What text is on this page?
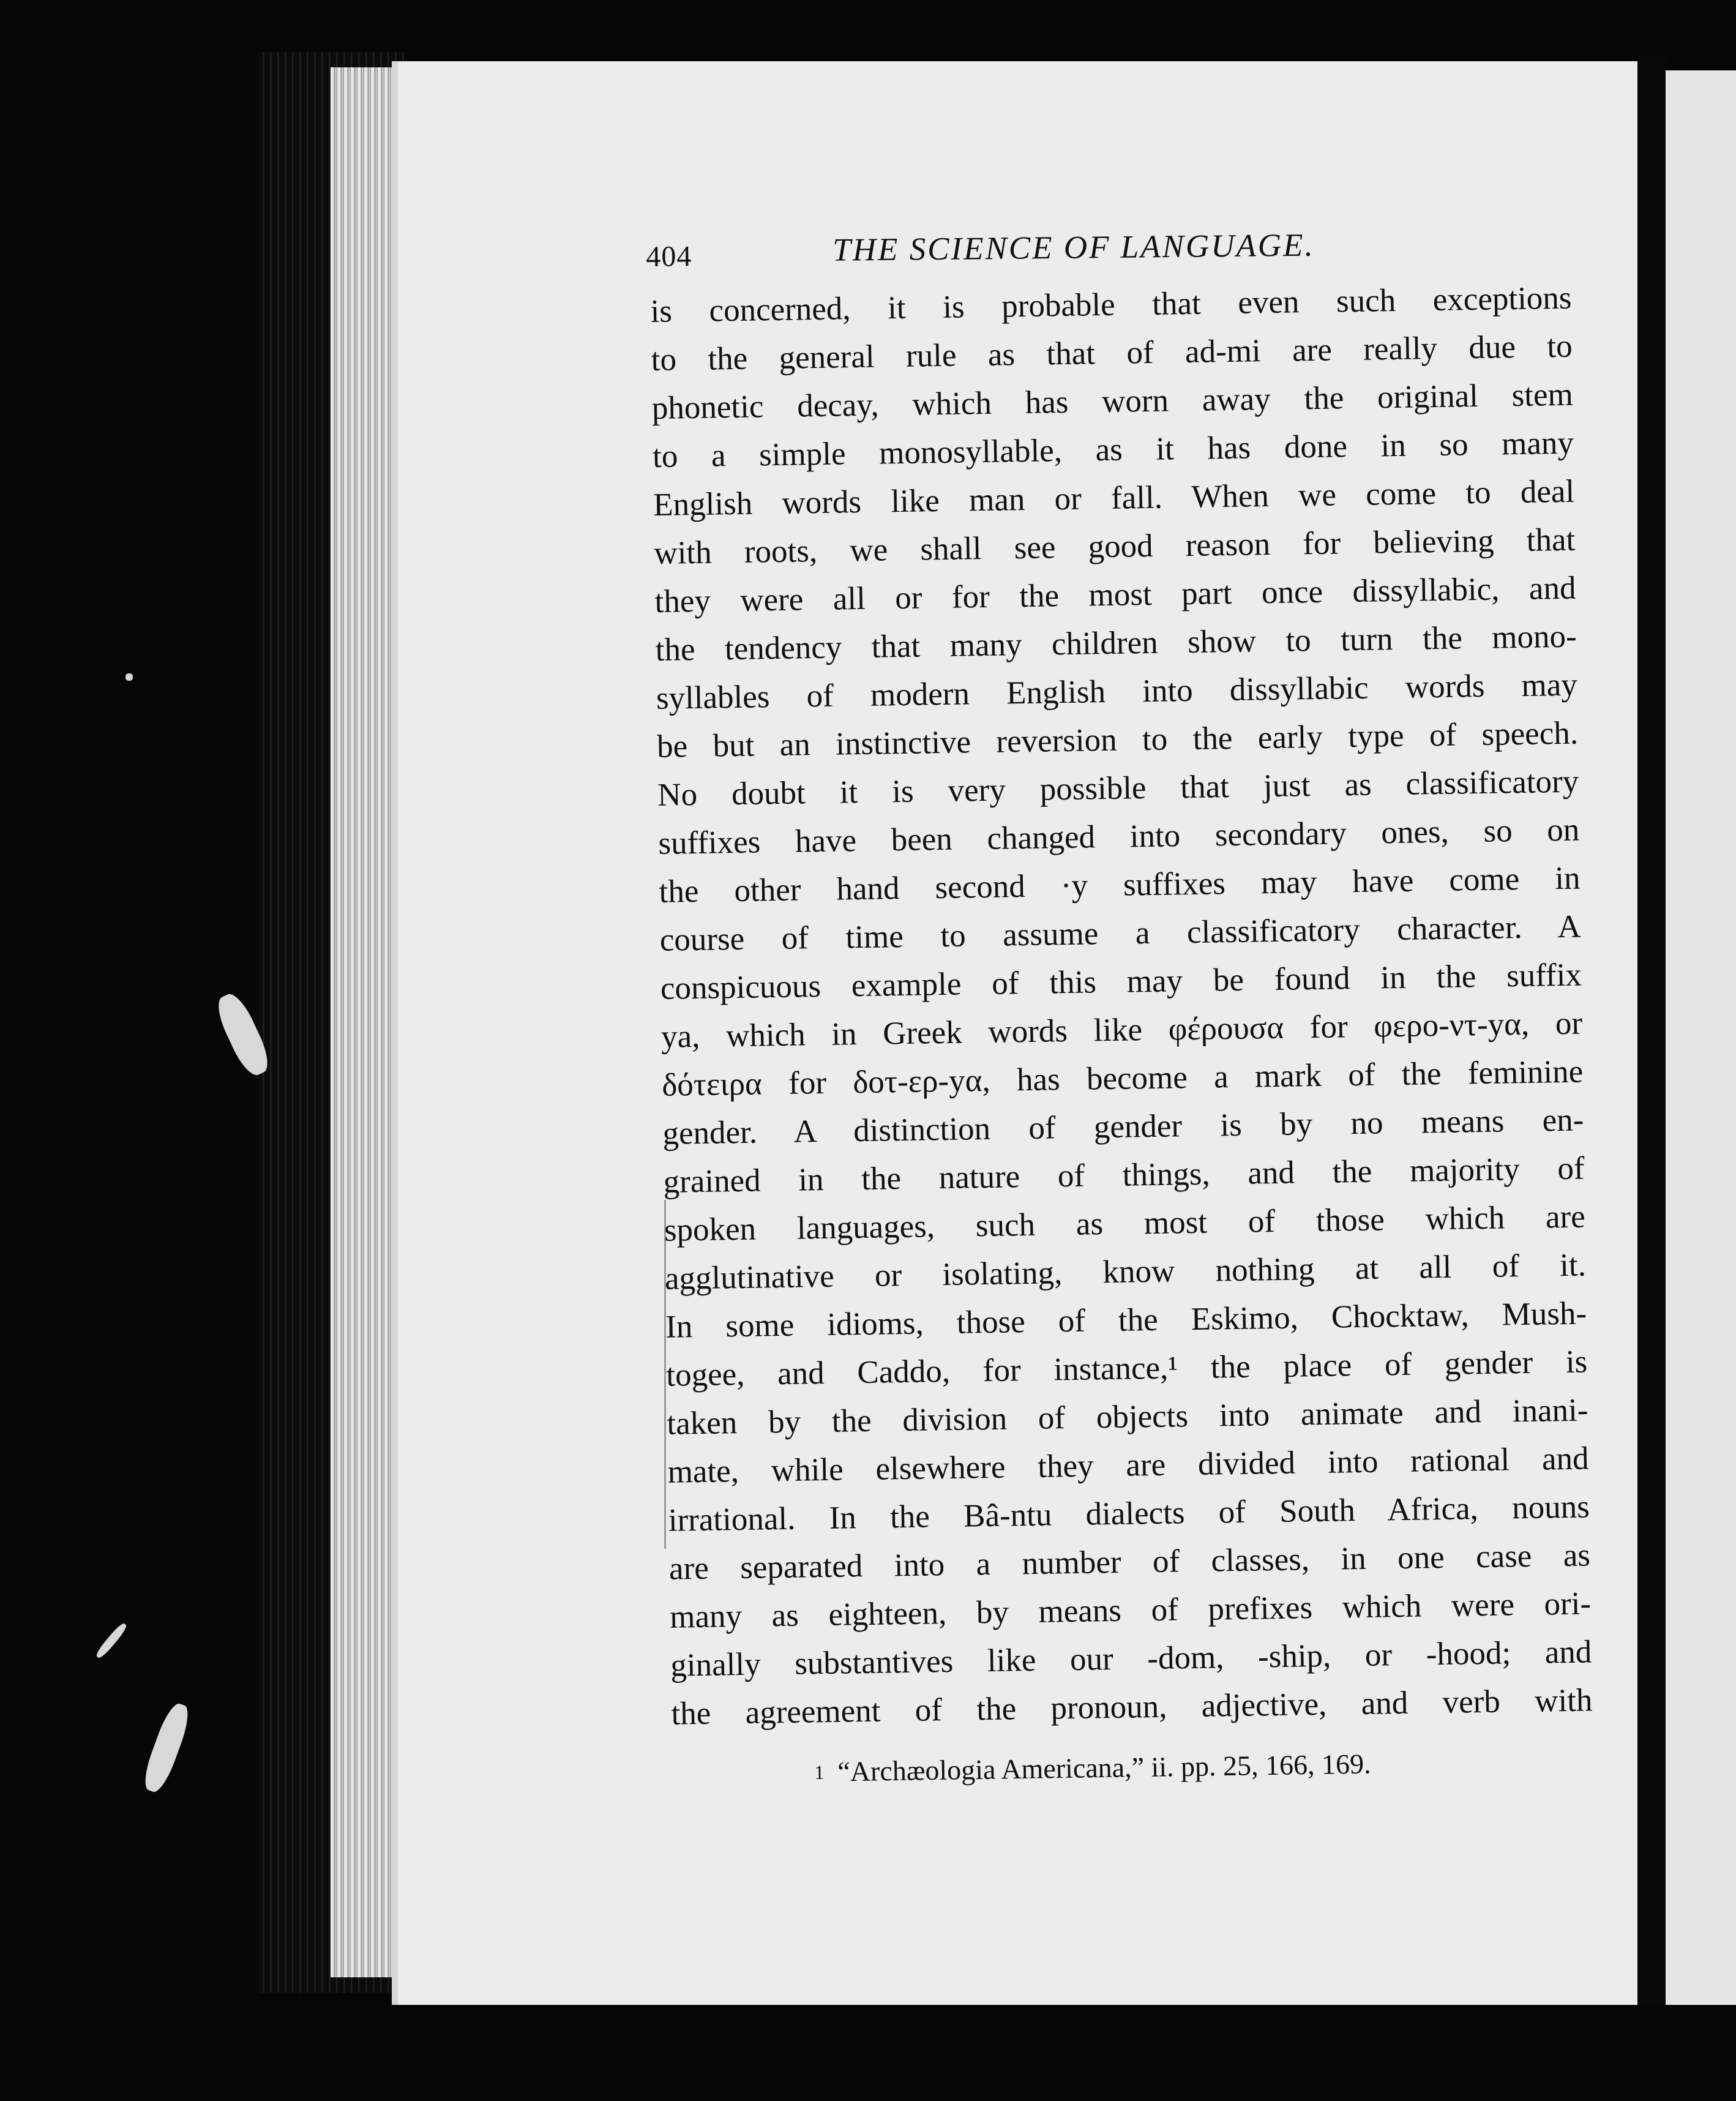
404	THE SCIENCE OF LANGUAGE.
is concerned, it is probable that even such exceptions
to the general rule as that of ad-mi are really due to
phonetic decay, which has worn away the original stem
to a simple monosyllable, as it has done in so many
English words like man or fall. When we come to deal
with roots, we shall see good reason for believing that
they were all or for the most part once dissyllabic, and
the tendency that many children show to turn the mono-
syllables of modern English into dissyllabic words may
be but an instinctive reversion to the early type of speech.
No doubt it is very possible that just as classificatory
suffixes have been changed into secondary ones, so on
the other hand second ·y suffixes may have come in
course of time to assume a classificatory character. A
conspicuous example of this may be found in the suffix
ya, which in Greek words like φέρουσα for φερο-ντ-yα, or
δότειρα for δοτ-ερ-yα, has become a mark of the feminine
gender. A distinction of gender is by no means en-
grained in the nature of things, and the majority of
spoken languages, such as most of those which are
agglutinative or isolating, know nothing at all of it.
In some idioms, those of the Eskimo, Chocktaw, Mush-
togee, and Caddo, for instance,¹ the place of gender is
taken by the division of objects into animate and inani-
mate, while elsewhere they are divided into rational and
irrational. In the Bâ-ntu dialects of South Africa, nouns
are separated into a number of classes, in one case as
many as eighteen, by means of prefixes which were ori-
ginally substantives like our -dom, -ship, or -hood; and
the agreement of the pronoun, adjective, and verb with
1 “Archæologia Americana,” ii. pp. 25, 166, 169.
